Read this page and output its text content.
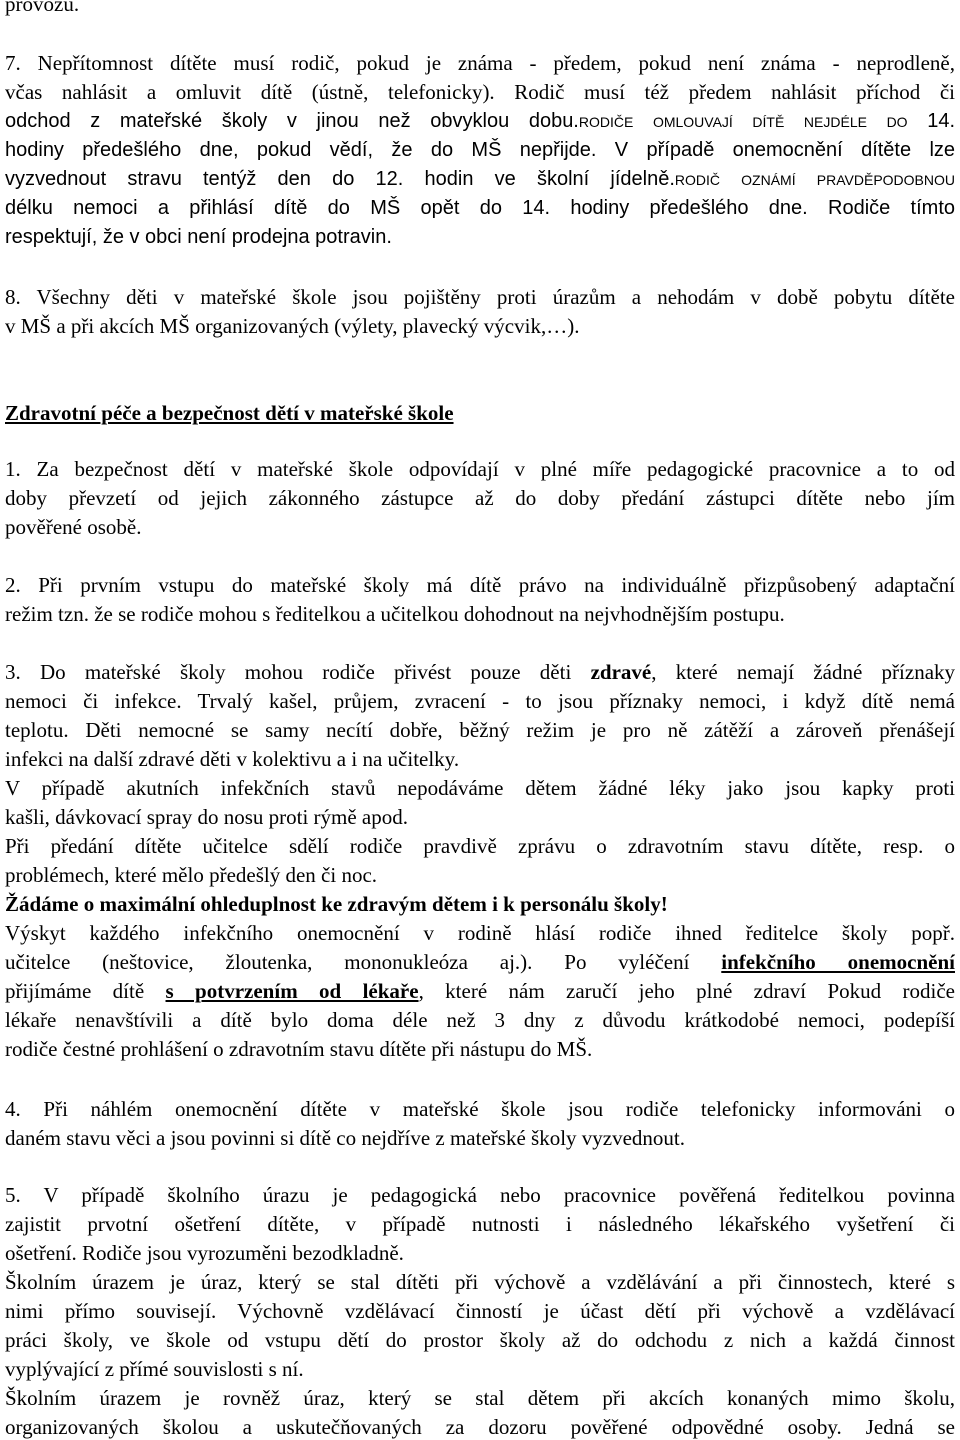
provozu.

7. Nepřítomnost dítěte musí rodič, pokud je známa - předem, pokud není známa - neprodleně,
včas nahlásit a omluvit dítě (ústně, telefonicky). Rodič musí též předem nahlásit příchod či
odchod z mateřské školy v jinou než obvyklou dobu.rodiče omlouvají dítě nejdéle do 14.
hodiny předešlého dne, pokud vědí, že do MŠ nepřijde. V případě onemocnění dítěte lze
vyzvednout stravu tentýž den do 12. hodin ve školní jídelně.rodič oznámí pravděpodobnou
délku nemoci a přihlásí dítě do MŠ opět do 14. hodiny předešlého dne. Rodiče tímto
respektují, že v obci není prodejna potravin.
8. Všechny děti v mateřské škole jsou pojištěny proti úrazům a nehodám v době pobytu dítěte
v MŠ a při akcích MŠ organizovaných (výlety, plavecký výcvik,…).
Zdravotní péče a bezpečnost dětí v mateřské škole
1. Za bezpečnost dětí v mateřské škole odpovídají v plné míře pedagogické pracovnice a to od
doby převzetí od jejich zákonného zástupce až do doby předání zástupci dítěte nebo jím
pověřené osobě.
2. Při prvním vstupu do mateřské školy má dítě právo na individuálně přizpůsobený adaptační
režim tzn. že se rodiče mohou s ředitelkou a učitelkou dohodnout na nejvhodnějším postupu.
3. Do mateřské školy mohou rodiče přivést pouze děti zdravé, které nemají žádné příznaky
nemoci či infekce. Trvalý kašel, průjem, zvracení - to jsou příznaky nemoci, i když dítě nemá
teplotu. Děti nemocné se samy necítí dobře, běžný režim je pro ně zátěží a zároveň přenášejí
infekci na další zdravé děti v kolektivu a i na učitelky.
V případě akutních infekčních stavů nepodáváme dětem žádné léky jako jsou kapky proti
kašli, dávkovací spray do nosu proti rýmě apod.
Při předání dítěte učitelce sdělí rodiče pravdivě zprávu o zdravotním stavu dítěte, resp. o
problémech, které mělo předešlý den či noc.
Žádáme o maximální ohleduplnost ke zdravým dětem i k personálu školy!
Výskyt každého infekčního onemocnění v rodině hlásí rodiče ihned ředitelce školy popř.
učitelce (neštovice, žloutenka, mononukleóza aj.). Po vyléčení infekčního onemocnění
přijímáme dítě s potvrzením od lékaře, které nám zaručí jeho plné zdraví Pokud rodiče
lékaře nenavštívili a dítě bylo doma déle než 3 dny z důvodu krátkodobé nemoci, podepíší
rodiče čestné prohlášení o zdravotním stavu dítěte při nástupu do MŠ.
4. Při náhlém onemocnění dítěte v mateřské škole jsou rodiče telefonicky informováni o
daném stavu věci a jsou povinni si dítě co nejdříve z mateřské školy vyzvednout.
5. V případě školního úrazu je pedagogická nebo pracovnice pověřená ředitelkou povinna
zajistit prvotní ošetření dítěte, v případě nutnosti i následného lékařského vyšetření či
ošetření. Rodiče jsou vyrozuměni bezodkladně.
Školním úrazem je úraz, který se stal dítěti při výchově a vzdělávání a při činnostech, které s
nimi přímo souvisejí. Výchovně vzdělávací činností je účast dětí při výchově a vzdělávací
práci školy, ve škole od vstupu dětí do prostor školy až do odchodu z nich a každá činnost
vyplývající z přímé souvislosti s ní.
Školním úrazem je rovněž úraz, který se stal dětem při akcích konaných mimo školu,
organizovaných školou a uskutečňovaných za dozoru pověřené odpovědné osoby. Jedná se
